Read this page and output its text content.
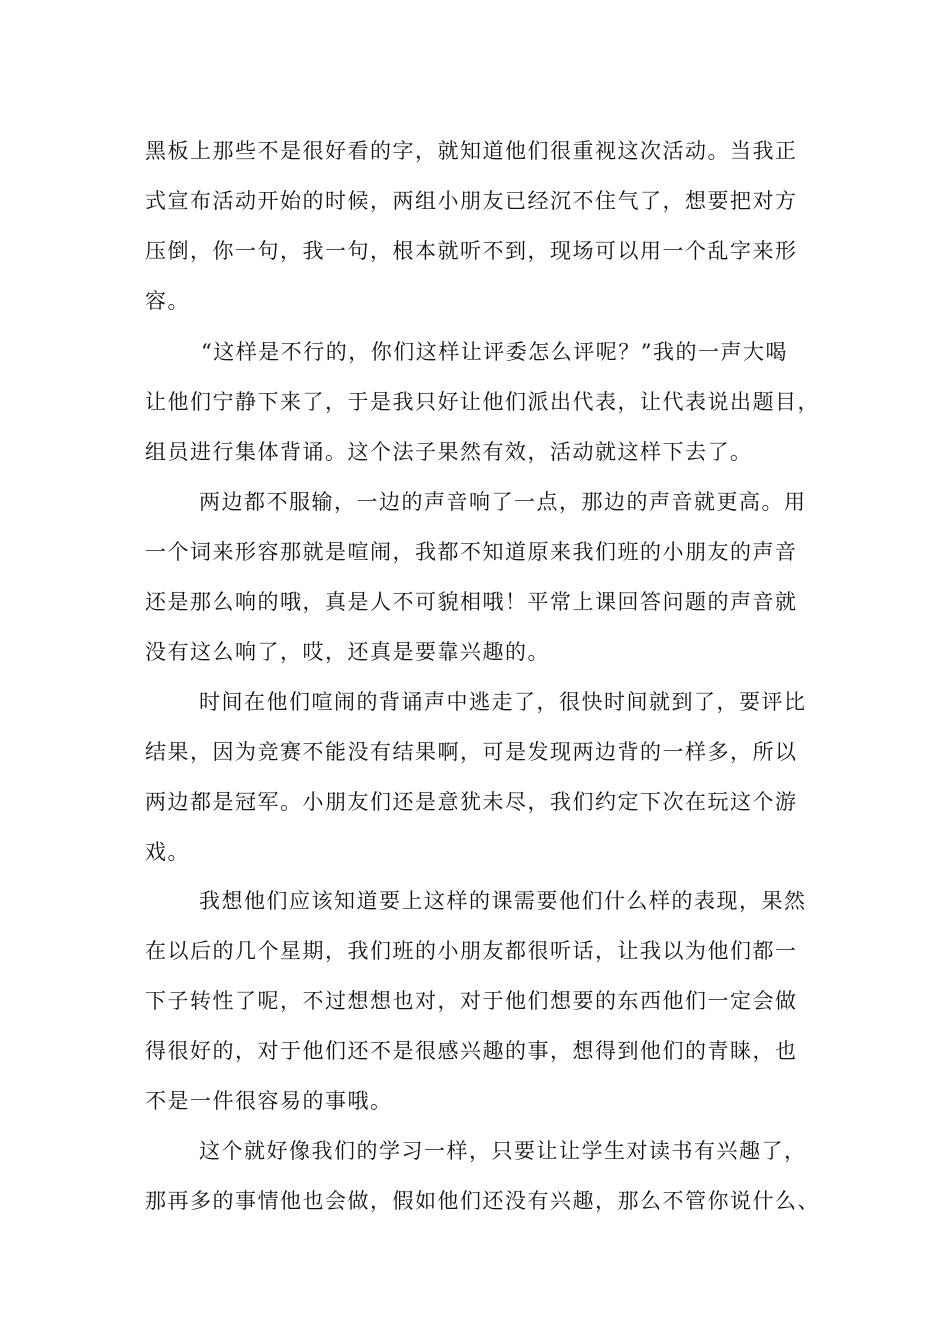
黑板上那些不是很好看的字，就知道他们很重视这次活动。当我正

式宣布活动开始的时候，两组小朋友已经沉不住气了，想要把对方

压倒，你一句，我一句，根本就听不到，现场可以用一个乱字来形

容。

“这样是不行的，你们这样让评委怎么评呢？”我的一声大喝

让他们宁静下来了，于是我只好让他们派出代表，让代表说出题目，

组员进行集体背诵。这个法子果然有效，活动就这样下去了。

两边都不服输，一边的声音响了一点，那边的声音就更高。用

一个词来形容那就是喧闹，我都不知道原来我们班的小朋友的声音

还是那么响的哦，真是人不可貌相哦！平常上课回答问题的声音就

没有这么响了，哎，还真是要靠兴趣的。

时间在他们喧闹的背诵声中逃走了，很快时间就到了，要评比

结果，因为竞赛不能没有结果啊，可是发现两边背的一样多，所以

两边都是冠军。小朋友们还是意犹未尽，我们约定下次在玩这个游

戏。

我想他们应该知道要上这样的课需要他们什么样的表现，果然

在以后的几个星期，我们班的小朋友都很听话，让我以为他们都一

下子转性了呢，不过想想也对，对于他们想要的东西他们一定会做

得很好的，对于他们还不是很感兴趣的事，想得到他们的青睐，也

不是一件很容易的事哦。

这个就好像我们的学习一样，只要让让学生对读书有兴趣了，

那再多的事情他也会做，假如他们还没有兴趣，那么不管你说什么、
